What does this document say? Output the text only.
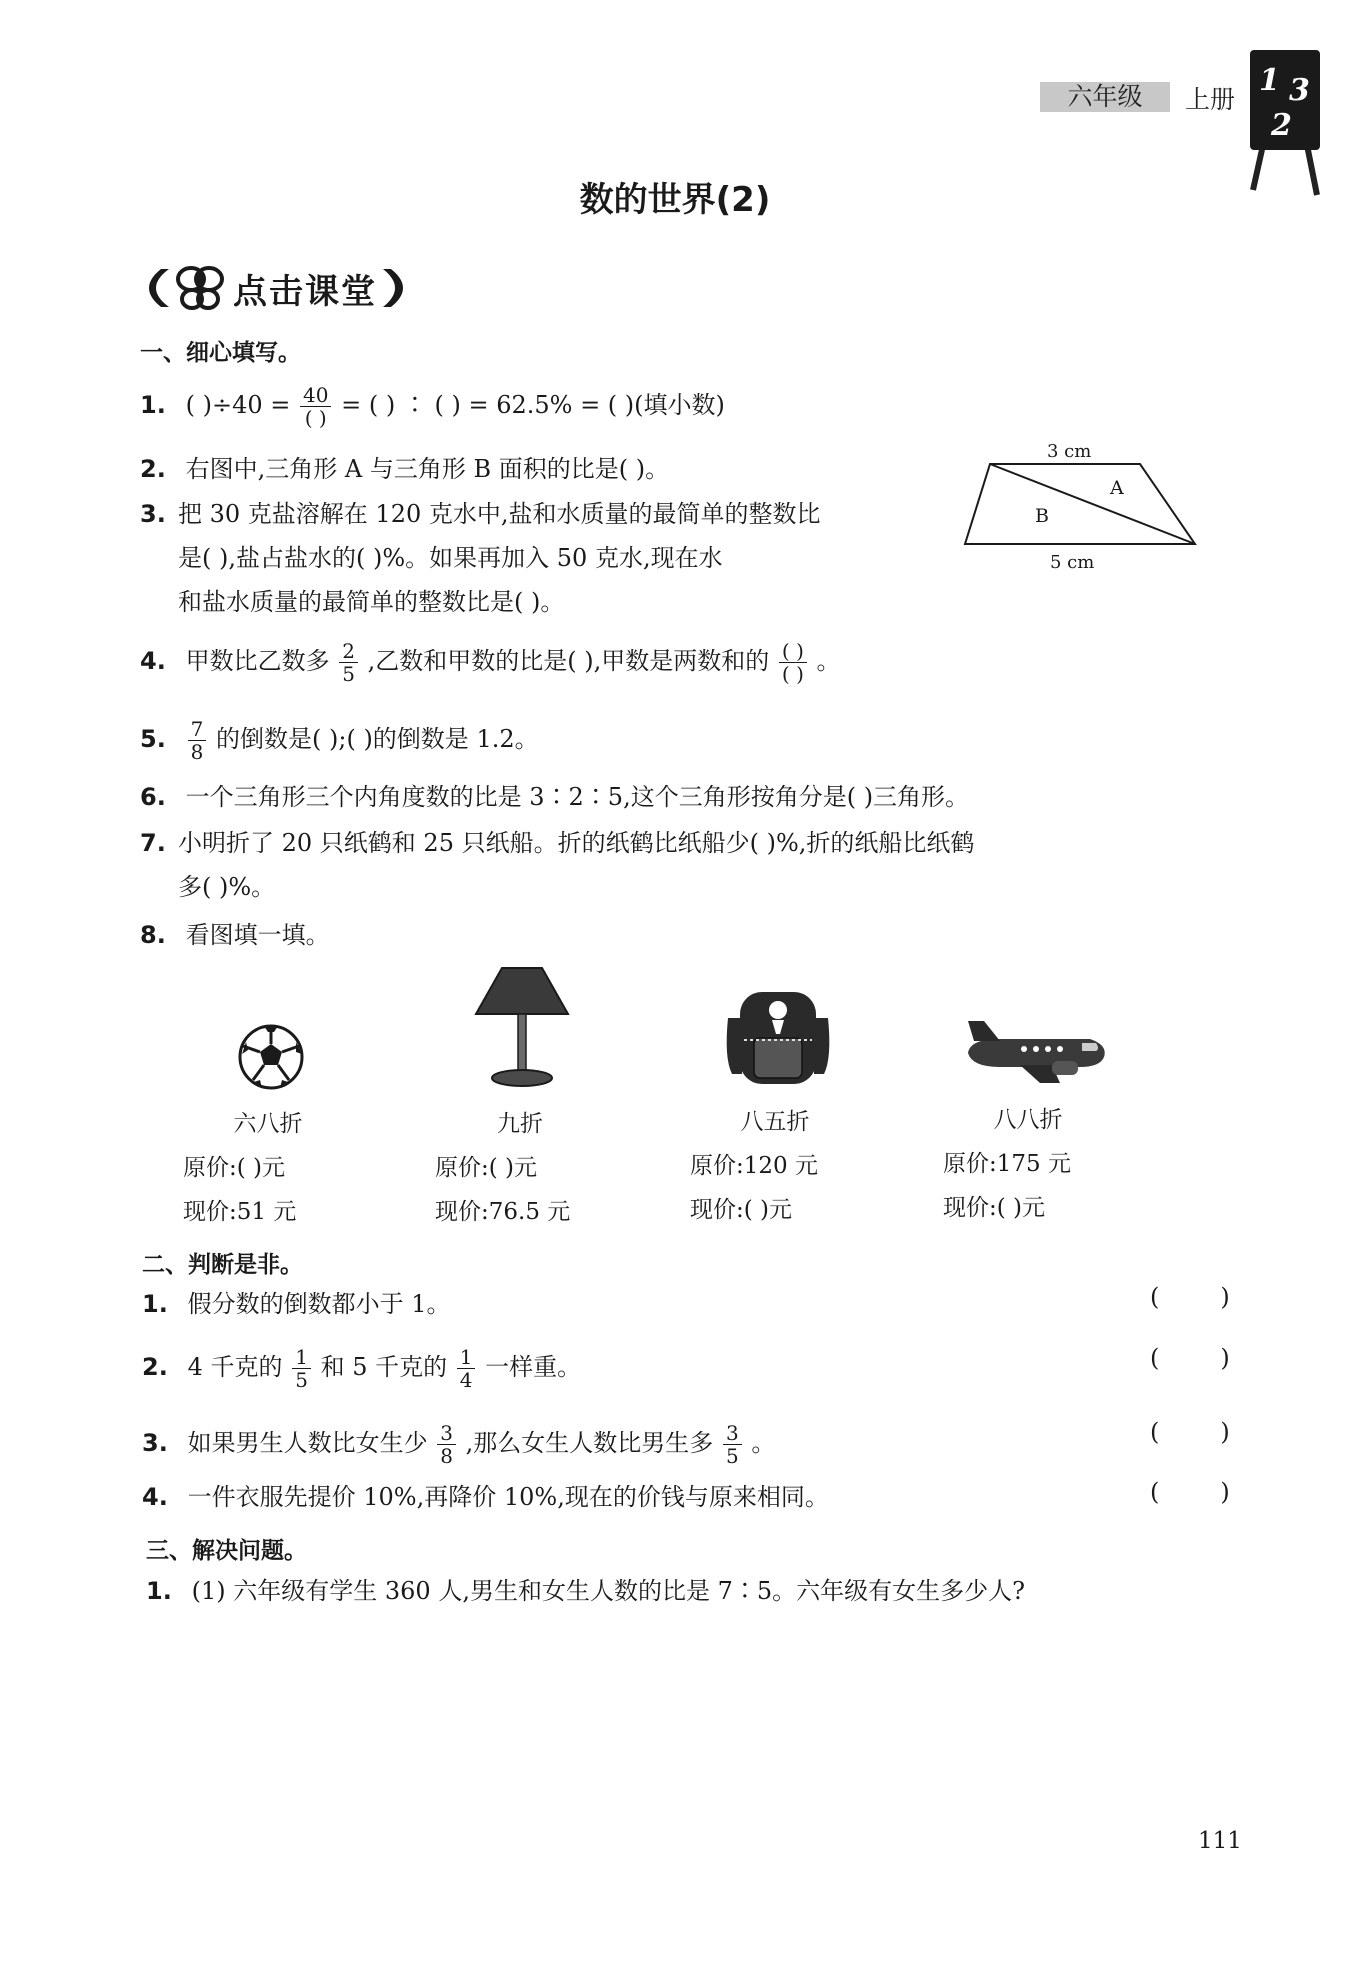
六年级	上册
1 3
2
数的世界(2)
点击课堂
一、细心填写。
1. ( )$\div 40 = \frac{40}{( )}$ = ( ) ∶ ( ) = 62.5% = ( )(填小数)
2. 右图中,三角形 A 与三角形 B 面积的比是( )。
3. 把 30 克盐溶解在 120 克水中,盐和水质量的最简单的整数比
是( ),盐占盐水的( )%。如果再加入 50 克水,现在水
和盐水质量的最简单的整数比是( )。
3 cm
5 cm
A
B
4. 甲数比乙数多 $\frac{2}{5}$ ,乙数和甲数的比是( ),甲数是两数和的 $\frac{( )}{( )}$ 。
5. $\frac{7}{8}$ 的倒数是( );( )的倒数是 1.2。
6. 一个三角形三个内角度数的比是 3∶2∶5,这个三角形按角分是( )三角形。
7. 小明折了 20 只纸鹤和 25 只纸船。折的纸鹤比纸船少( )%,折的纸船比纸鹤
多( )%。
8. 看图填一填。
六八折
原价:( )元
现价:51 元
九折
原价:( )元
现价:76.5 元
八五折
原价:120 元
现价:( )元
八八折
原价:175 元
现价:( )元
二、判断是非。
1. 假分数的倒数都小于 1。	(        )
2. 4 千克的 $\frac{1}{5}$ 和 5 千克的 $\frac{1}{4}$ 一样重。	(        )
3. 如果男生人数比女生少 $\frac{3}{8}$ ,那么女生人数比男生多 $\frac{3}{5}$ 。	(        )
4. 一件衣服先提价 10%,再降价 10%,现在的价钱与原来相同。	(        )
三、解决问题。
1. (1) 六年级有学生 360 人,男生和女生人数的比是 7∶5。六年级有女生多少人?
111
